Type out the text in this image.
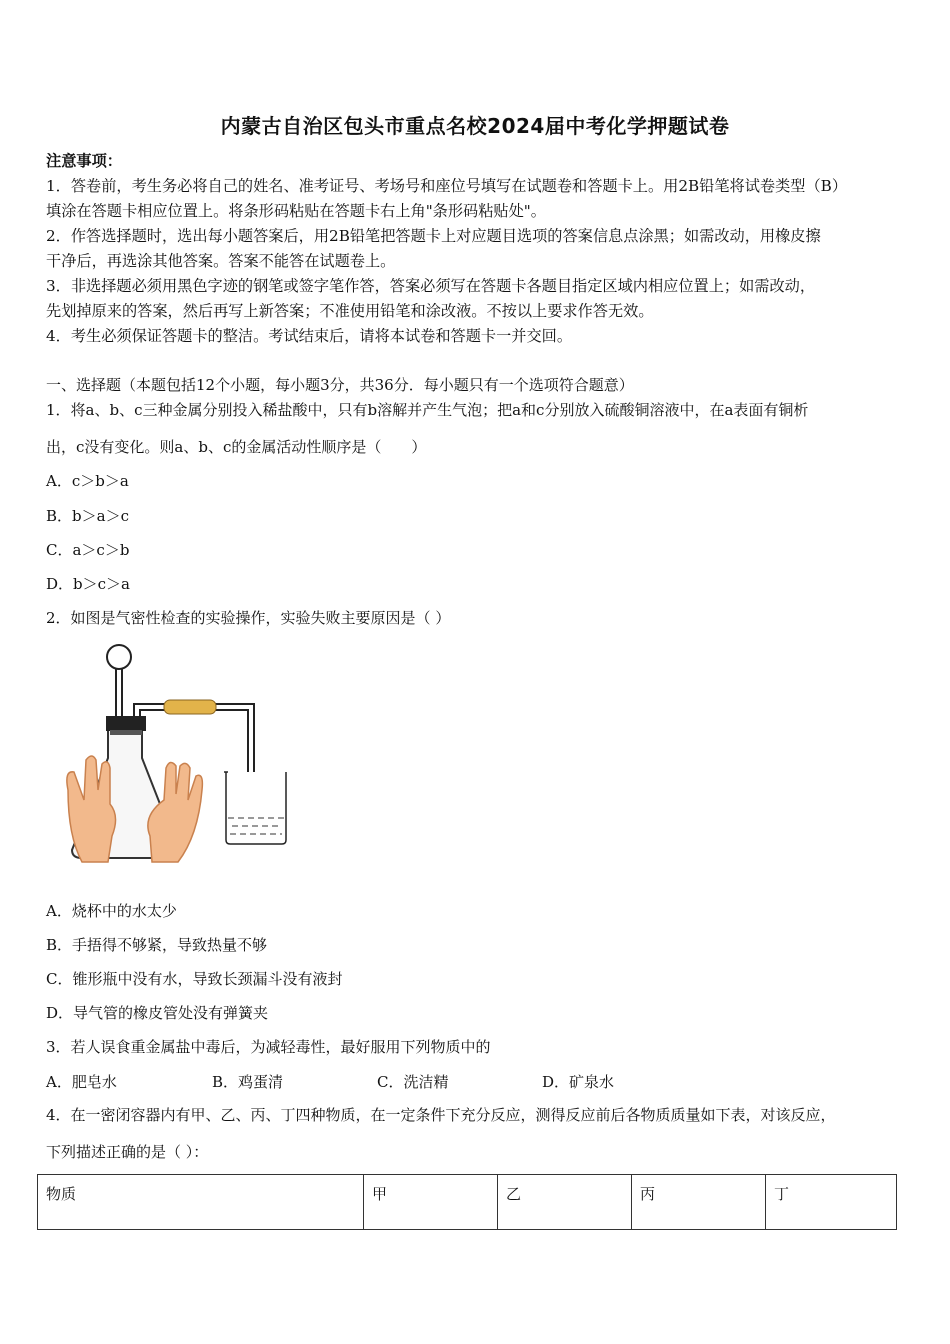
内蒙古自治区包头市重点名校2024届中考化学押题试卷
注意事项：
1．答卷前，考生务必将自己的姓名、准考证号、考场号和座位号填写在试题卷和答题卡上。用2B铅笔将试卷类型（B）
填涂在答题卡相应位置上。将条形码粘贴在答题卡右上角"条形码粘贴处"。
2．作答选择题时，选出每小题答案后，用2B铅笔把答题卡上对应题目选项的答案信息点涂黑；如需改动，用橡皮擦
干净后，再选涂其他答案。答案不能答在试题卷上。
3．非选择题必须用黑色字迹的钢笔或签字笔作答，答案必须写在答题卡各题目指定区域内相应位置上；如需改动，
先划掉原来的答案，然后再写上新答案；不准使用铅笔和涂改液。不按以上要求作答无效。
4．考生必须保证答题卡的整洁。考试结束后，请将本试卷和答题卡一并交回。
一、选择题（本题包括12个小题，每小题3分，共36分．每小题只有一个选项符合题意）
1．将a、b、c三种金属分别投入稀盐酸中，只有b溶解并产生气泡；把a和c分别放入硫酸铜溶液中，在a表面有铜析
出，c没有变化。则a、b、c的金属活动性顺序是（　　）
A．c＞b＞a
B．b＞a＞c
C．a＞c＞b
D．b＞c＞a
2．如图是气密性检查的实验操作，实验失败主要原因是（ ）
A．烧杯中的水太少
B．手捂得不够紧，导致热量不够
C．锥形瓶中没有水，导致长颈漏斗没有液封
D．导气管的橡皮管处没有弹簧夹
3．若人误食重金属盐中毒后，为减轻毒性，最好服用下列物质中的
A．肥皂水	B．鸡蛋清	C．洗洁精	D．矿泉水
4．在一密闭容器内有甲、乙、丙、丁四种物质，在一定条件下充分反应，测得反应前后各物质质量如下表，对该反应，
下列描述正确的是（ ）：
物质	甲	乙	丙	丁
